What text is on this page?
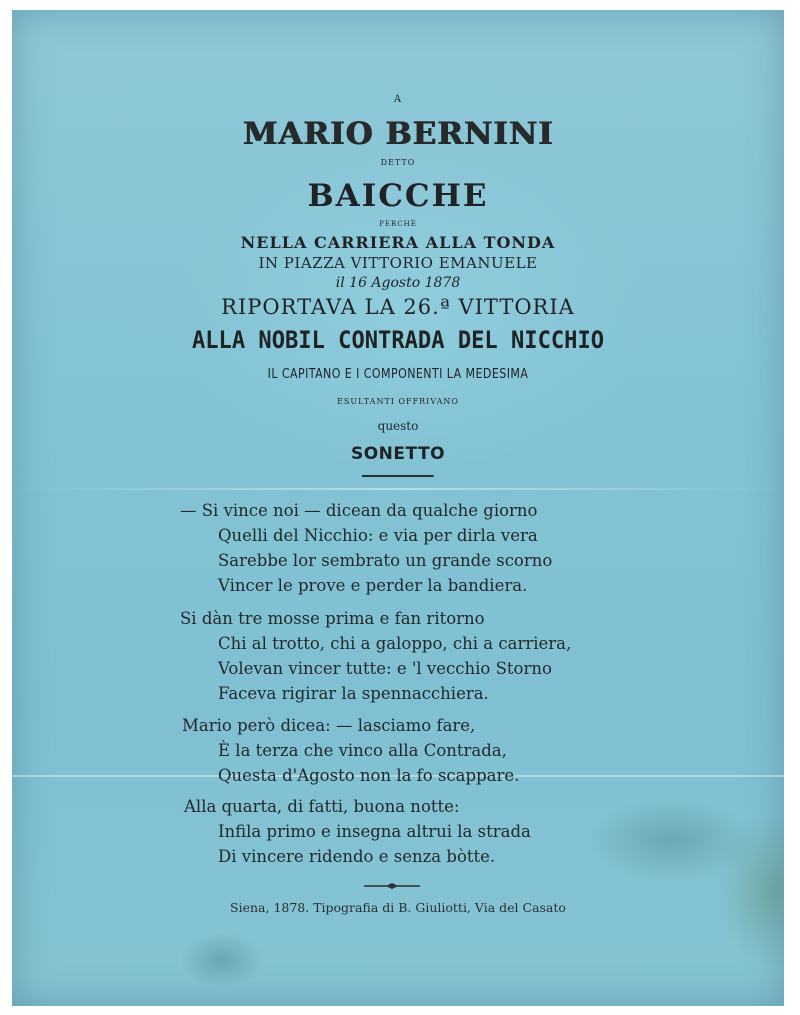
A
MARIO BERNINI
DETTO
BAICCHE
PERCHÈ
NELLA CARRIERA ALLA TONDA
IN PIAZZA VITTORIO EMANUELE
il 16 Agosto 1878
RIPORTAVA LA 26.ª VITTORIA
ALLA NOBIL CONTRADA DEL NICCHIO
IL CAPITANO E I COMPONENTI LA MEDESIMA
ESULTANTI OFFRIVANO
questo
SONETTO
— Si vince noi — dicean da qualche giorno
Quelli del Nicchio: e via per dirla vera
Sarebbe lor sembrato un grande scorno
Vincer le prove e perder la bandiera.
Si dàn tre mosse prima e fan ritorno
Chi al trotto, chi a galoppo, chi a carriera,
Volevan vincer tutte: e 'l vecchio Storno
Faceva rigirar la spennacchiera.
Mario però dicea: — lasciamo fare,
È la terza che vinco alla Contrada,
Questa d'Agosto non la fo scappare.
Alla quarta, di fatti, buona notte:
Infila primo e insegna altrui la strada
Di vincere ridendo e senza bòtte.
Siena, 1878. Tipografia di B. Giuliotti, Via del Casato
